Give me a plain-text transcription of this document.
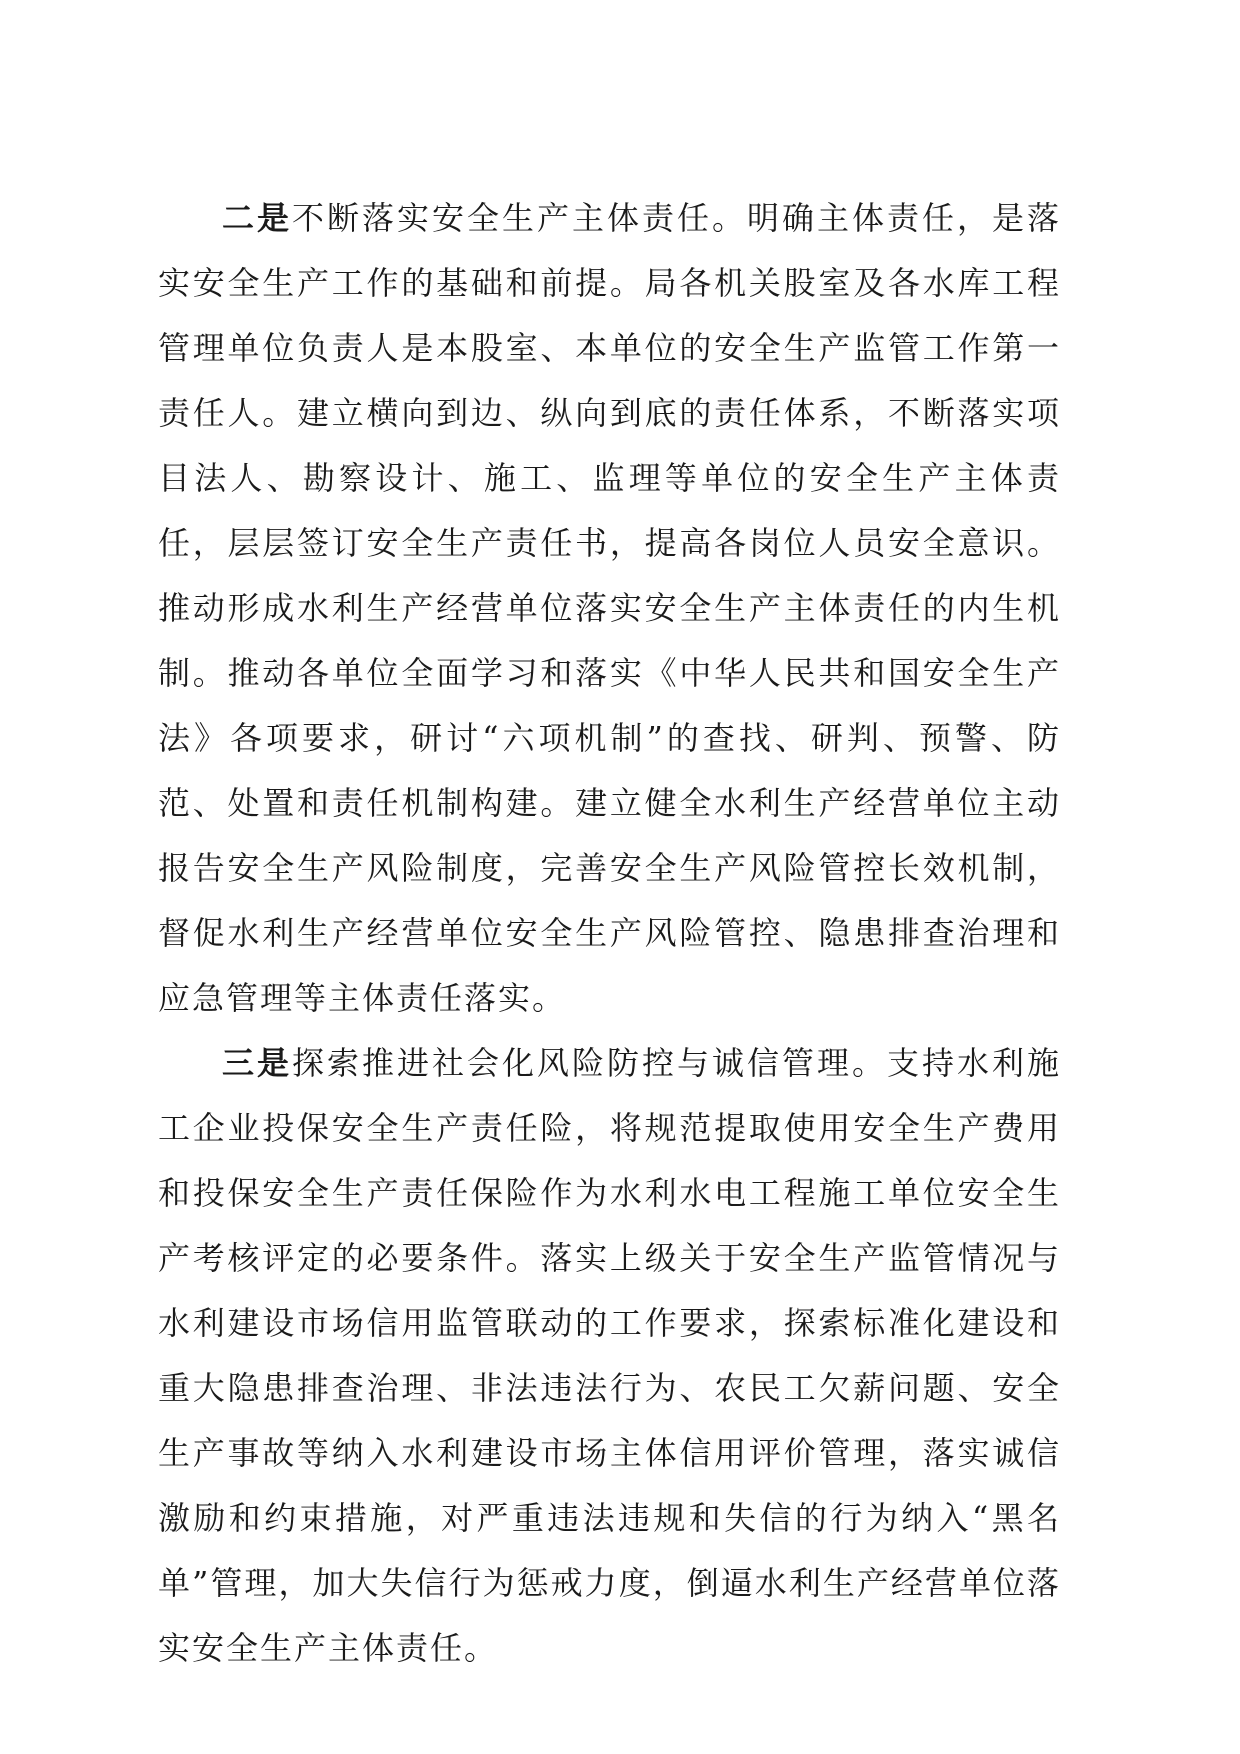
二是不断落实安全生产主体责任。明确主体责任，是落实安全生产工作的基础和前提。局各机关股室及各水库工程管理单位负责人是本股室、本单位的安全生产监管工作第一责任人。建立横向到边、纵向到底的责任体系，不断落实项目法人、勘察设计、施工、监理等单位的安全生产主体责任，层层签订安全生产责任书，提高各岗位人员安全意识。推动形成水利生产经营单位落实安全生产主体责任的内生机制。推动各单位全面学习和落实《中华人民共和国安全生产法》各项要求，研讨“六项机制”的查找、研判、预警、防范、处置和责任机制构建。建立健全水利生产经营单位主动报告安全生产风险制度，完善安全生产风险管控长效机制，督促水利生产经营单位安全生产风险管控、隐患排查治理和应急管理等主体责任落实。

三是探索推进社会化风险防控与诚信管理。支持水利施工企业投保安全生产责任险，将规范提取使用安全生产费用和投保安全生产责任保险作为水利水电工程施工单位安全生产考核评定的必要条件。落实上级关于安全生产监管情况与水利建设市场信用监管联动的工作要求，探索标准化建设和重大隐患排查治理、非法违法行为、农民工欠薪问题、安全生产事故等纳入水利建设市场主体信用评价管理，落实诚信激励和约束措施，对严重违法违规和失信的行为纳入“黑名单”管理，加大失信行为惩戒力度，倒逼水利生产经营单位落实安全生产主体责任。
